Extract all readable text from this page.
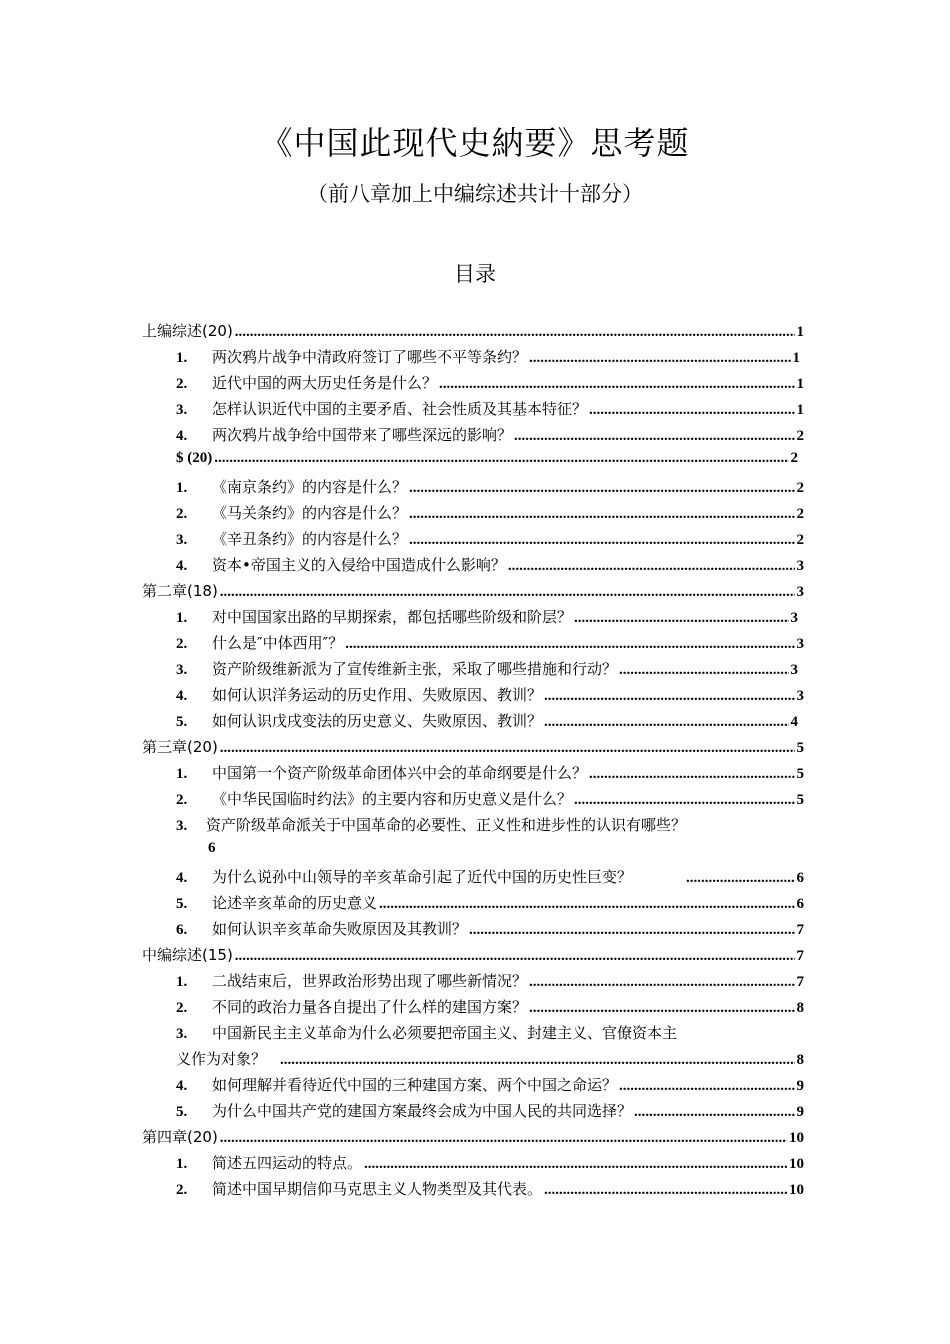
《中国此现代史納要》思考题
（前八章加上中编综述共计十部分）
目录
上编综述(20) .....	1
1.	两次鸦片战争中清政府签订了哪些不平等条约？ .....	1
2.	近代中国的两大历史任务是什么？ .....	1
3.	怎样认识近代中国的主要矛盾、社会性质及其基本特征？ .....	1
4.	两次鸦片战争给中国带来了哪些深远的影响？ .....	2
$ (20) .....	2
1.	《南京条约》的内容是什么？ .....	2
2.	《马关条约》的内容是什么？ .....	2
3.	《辛丑条约》的内容是什么？ .....	2
4.	资本•帝国主义的入侵给中国造成什么影响？ .....	3
第二章(18) .....	3
1.	对中国国家出路的早期探索，都包括哪些阶级和阶层？ .....	3
2.	什么是″中体西用″？ .....	3
3.	资产阶级维新派为了宣传维新主张，采取了哪些措施和行动？ .....	3
4.	如何认识洋务运动的历史作用、失败原因、教训？ .....	3
5.	如何认识戊戌变法的历史意义、失败原因、教训？ .....	4
第三章(20) .....	5
1.	中国第一个资产阶级革命团体兴中会的革命纲要是什么？ .....	5
2.	《中华民国临时约法》的主要内容和历史意义是什么？ .....	5
3. 资产阶级革命派关于中国革命的必要性、正义性和进步性的认识有哪些？
6
4.	为什么说孙中山领导的辛亥革命引起了近代中国的历史性巨变？ .....	6
5.	论述辛亥革命的历史意义 .....	6
6.	如何认识辛亥革命失败原因及其教训？ .....	7
中编综述(15) .....	7
1.	二战结束后，世界政治形势出现了哪些新情况？ .....	7
2.	不同的政治力量各自提出了什么样的建国方案？ .....	8
3. 中国新民主主义革命为什么必须要把帝国主义、封建主义、官僚资本主
义作为对象？ .....	8
4.	如何理解并看待近代中国的三种建国方案、两个中国之命运？ .....	9
5.	为什么中国共产党的建国方案最终会成为中国人民的共同选择？ .....	9
第四章(20) .....	10
1.	简述五四运动的特点。 .....	10
2.	简述中国早期信仰马克思主义人物类型及其代表。 .....	10
